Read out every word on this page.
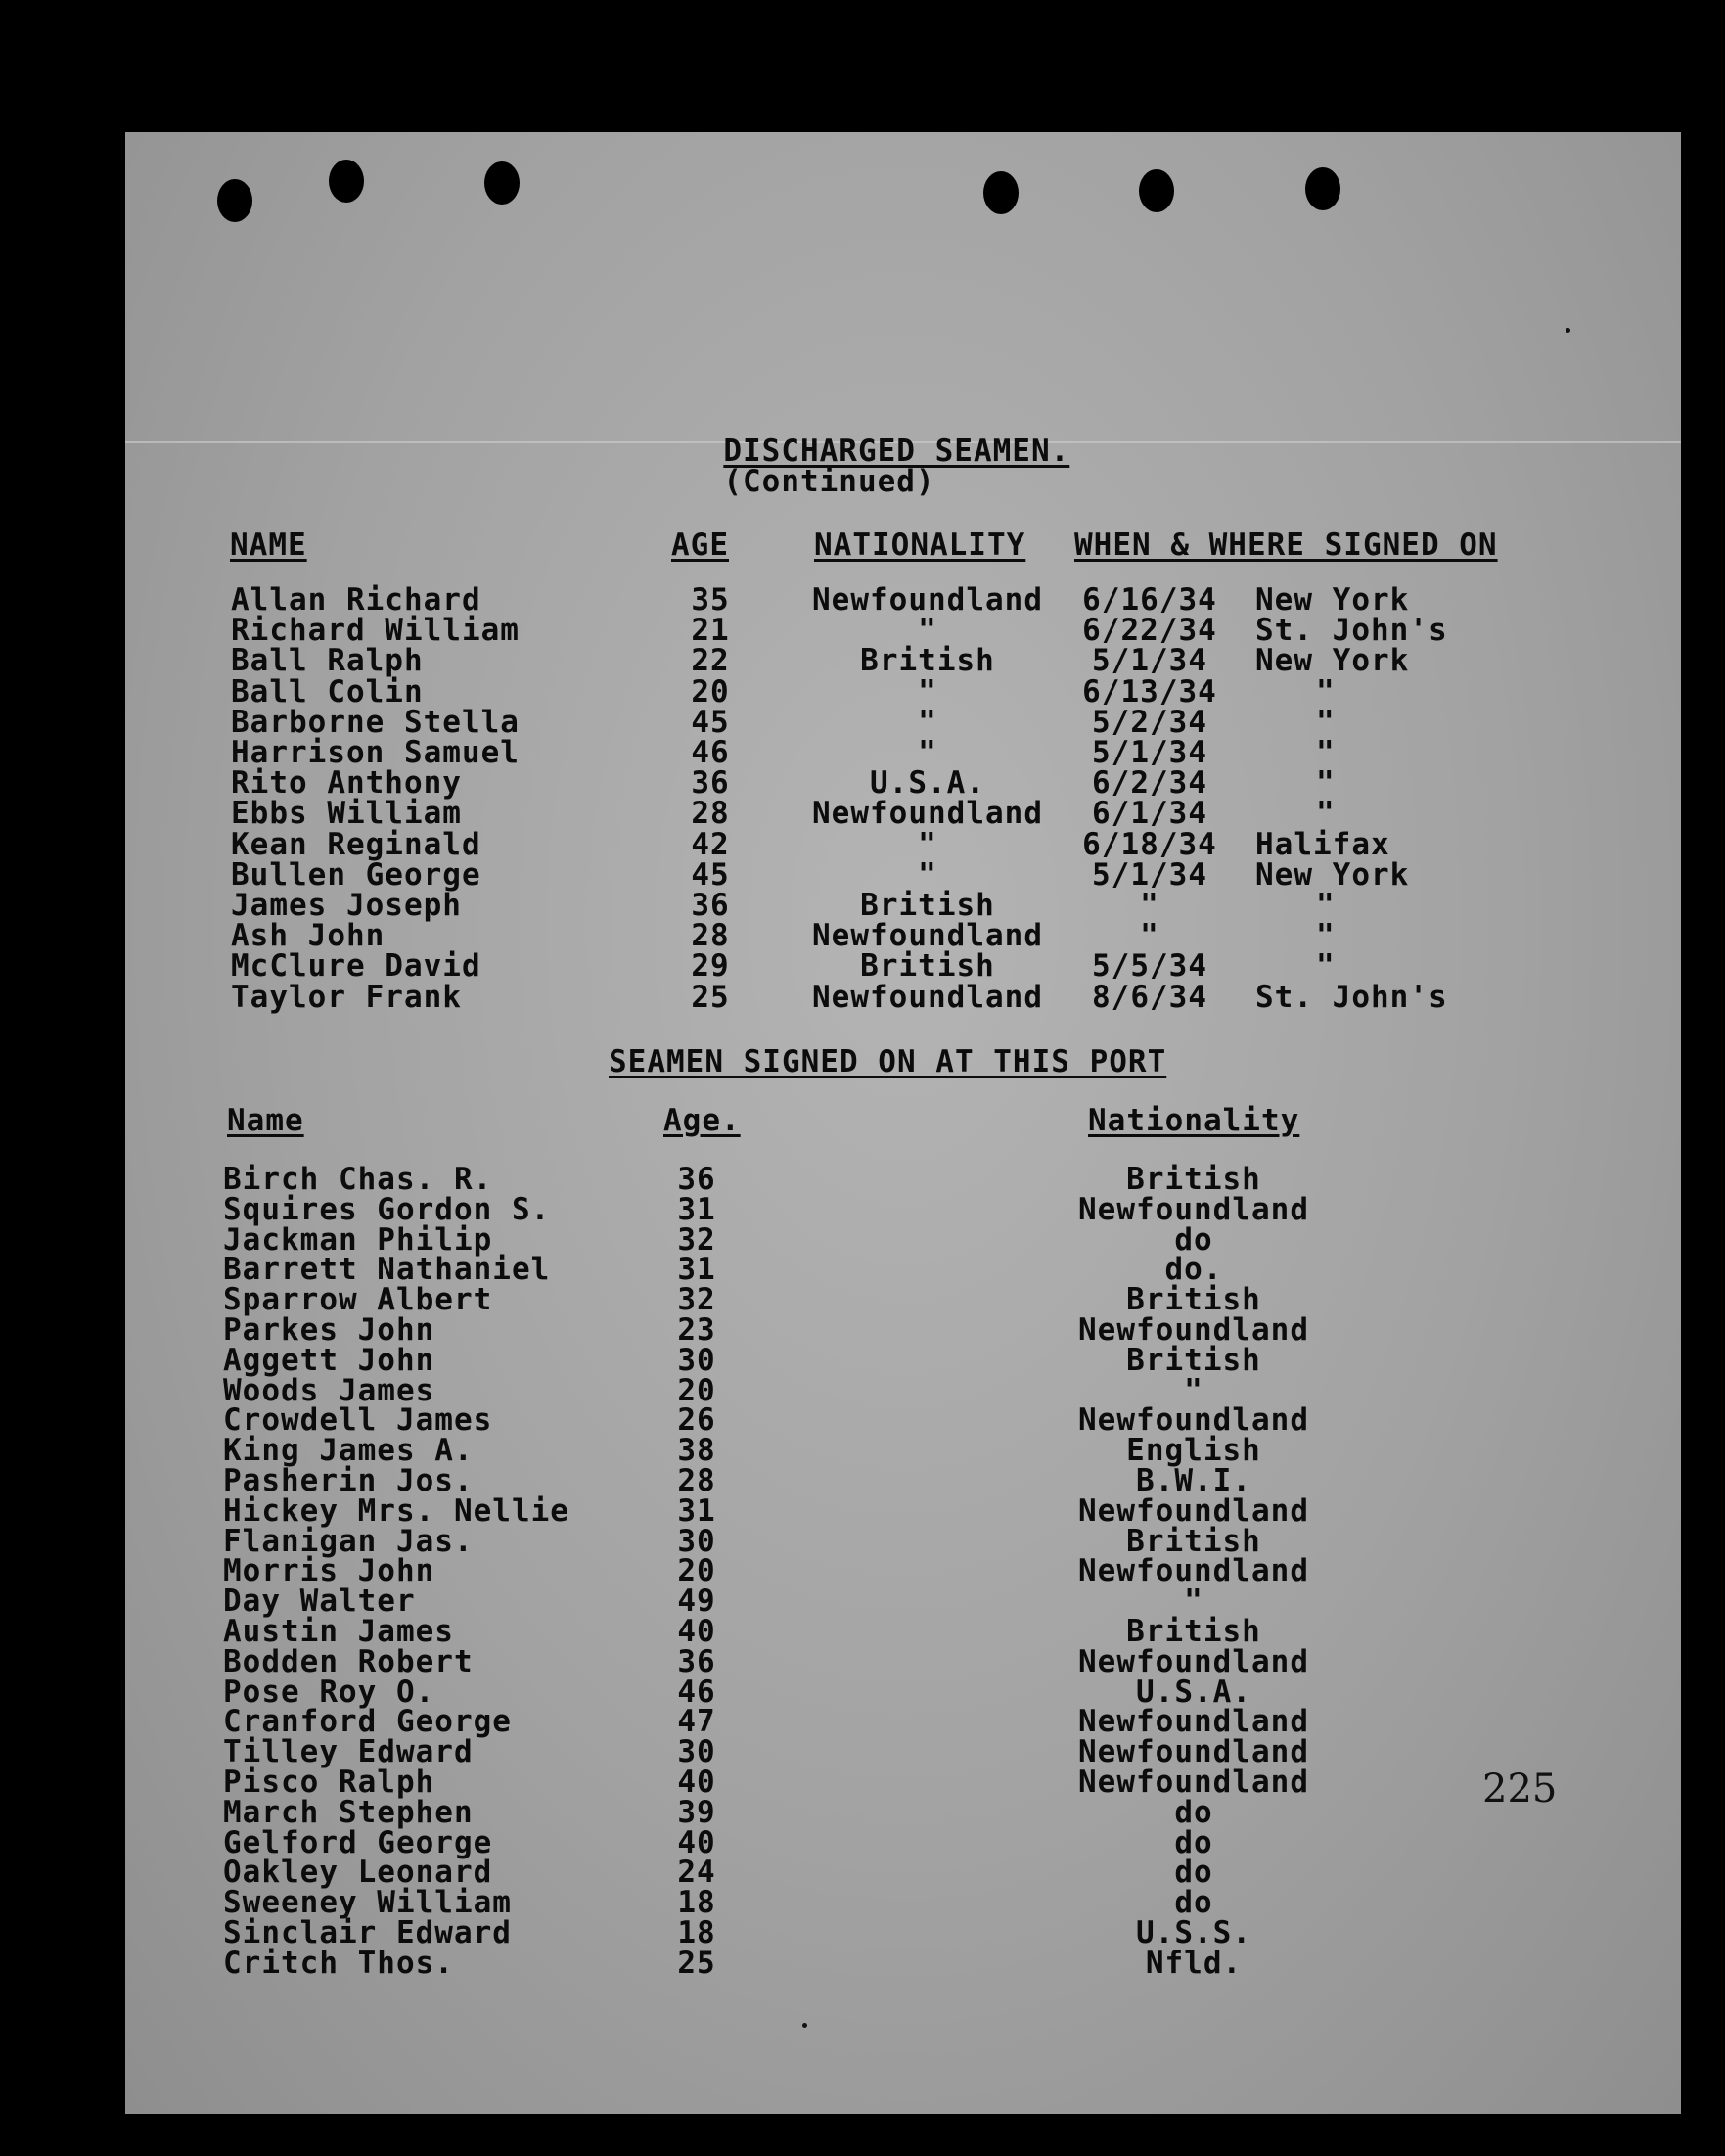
DISCHARGED SEAMEN.
(Continued)

NAME	AGE	NATIONALITY WHEN & WHERE SIGNED ON
Allan Richard	35	Newfoundland 6/16/34 New York
Richard William	21	"	6/22/34 St. John's
Ball Ralph	22	British	5/1/34 New York
Ball Colin	20	"	6/13/34	"
Barborne Stella	45	"	5/2/34	"
Harrison Samuel	46	"	5/1/34	"
Rito Anthony	36	U.S.A.	6/2/34	"
Ebbs William	28	Newfoundland 6/1/34	"
Kean Reginald	42	"	6/18/34 Halifax
Bullen George	45	"	5/1/34 New York
James Joseph	36	British	"	"
Ash John	28	Newfoundland	"	"
McClure David	29	British	5/5/34	"
Taylor Frank	25	Newfoundland 8/6/34 St. John's
SEAMEN SIGNED ON AT THIS PORT
Name	Age.	Nationality
Birch Chas. R.	36	British
Squires Gordon S.	31	Newfoundland
Jackman Philip	32	do
Barrett Nathaniel	31	do.
Sparrow Albert	32	British
Parkes John	23	Newfoundland
Aggett John	30	British
Woods James	20	"
Crowdell James	26	Newfoundland
King James A.	38	English
Pasherin Jos.	28	B.W.I.
Hickey Mrs. Nellie	31	Newfoundland
Flanigan Jas.	30	British
Morris John	20	Newfoundland
Day Walter	49	"
Austin James	40	British
Bodden Robert	36	Newfoundland
Pose Roy O.	46	U.S.A.
Cranford George	47	Newfoundland
Tilley Edward	30	Newfoundland
Pisco Ralph	40	Newfoundland
March Stephen	39	do
Gelford George	40	do
Oakley Leonard	24	do
Sweeney William	18	do
Sinclair Edward	18	U.S.S.
Critch Thos.	25	Nfld.
225
